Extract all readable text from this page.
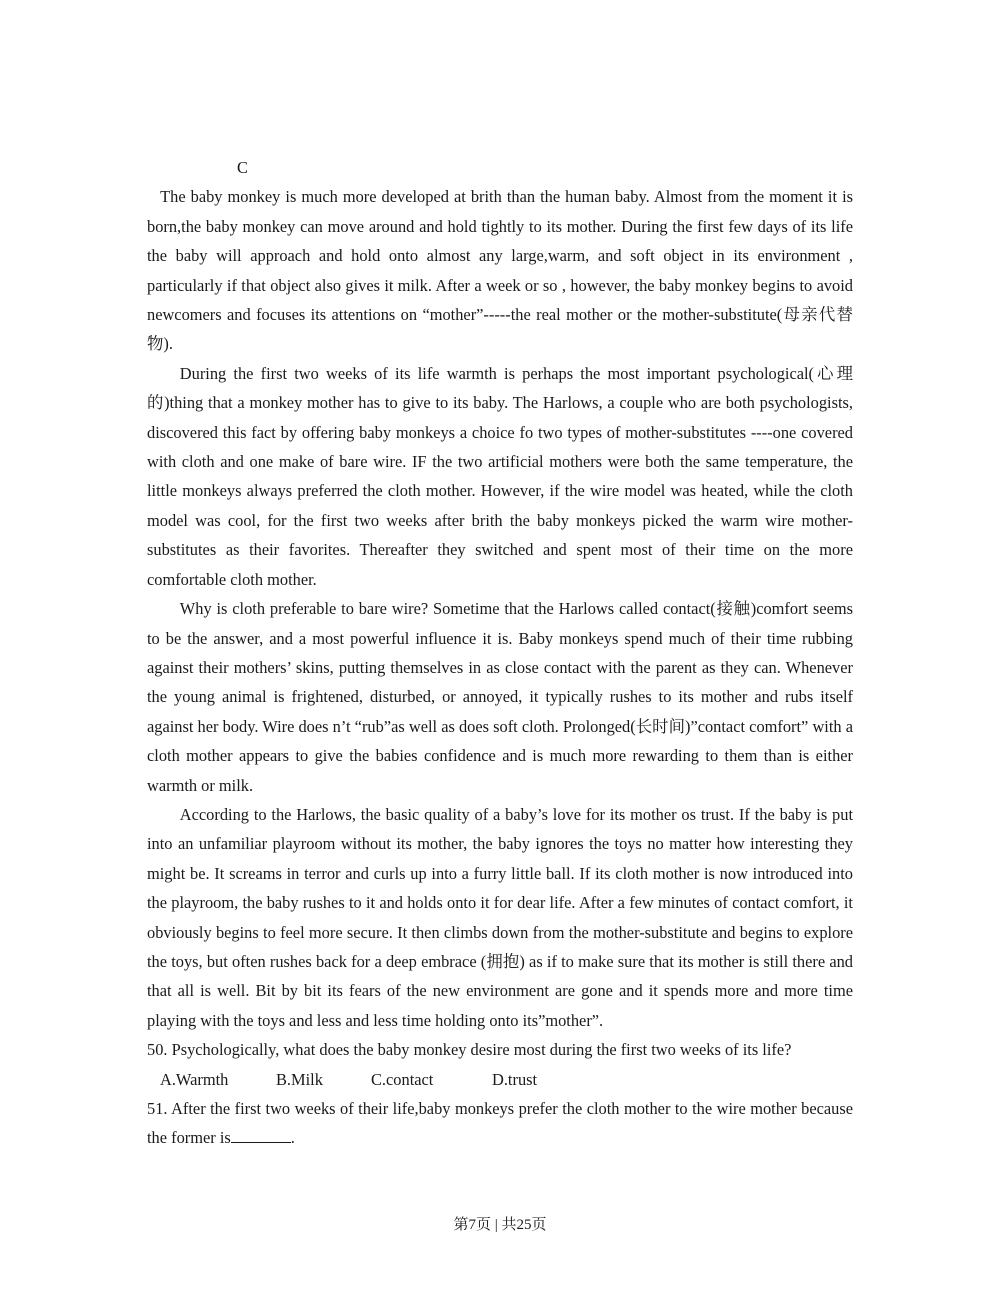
C

The baby monkey is much more developed at brith than the human baby. Almost from the moment it is born,the baby monkey can move around and hold tightly to its mother. During the first few days of its life the baby will approach and hold onto almost any large,warm, and soft object in its environment , particularly if that object also gives it milk. After a week or so , however, the baby monkey begins to avoid newcomers and focuses its attentions on “mother”-----the real mother or the mother-substitute(母亲代替物).

During the first two weeks of its life warmth is perhaps the most important psychological(心理的)thing that a monkey mother has to give to its baby. The Harlows, a couple who are both psychologists, discovered this fact by offering baby monkeys a choice fo two types of mother-substitutes ----one covered with cloth and one make of bare wire. IF the two artificial mothers were both the same temperature, the little monkeys always preferred the cloth mother. However, if the wire model was heated, while the cloth model was cool, for the first two weeks after brith the baby monkeys picked the warm wire mother-substitutes as their favorites. Thereafter they switched and spent most of their time on the more comfortable cloth mother.

Why is cloth preferable to bare wire? Sometime that the Harlows called contact(接触)comfort seems to be the answer, and a most powerful influence it is. Baby monkeys spend much of their time rubbing against their mothers’ skins, putting themselves in as close contact with the parent as they can. Whenever the young animal is frightened, disturbed, or annoyed, it typically rushes to its mother and rubs itself against her body. Wire does n’t “rub”as well as does soft cloth. Prolonged(长时间)”contact comfort” with a cloth mother appears to give the babies confidence and is much more rewarding to them than is either warmth or milk.

According to the Harlows, the basic quality of a baby’s love for its mother os trust. If the baby is put into an unfamiliar playroom without its mother, the baby ignores the toys no matter how interesting they might be. It screams in terror and curls up into a furry little ball. If its cloth mother is now introduced into the playroom, the baby rushes to it and holds onto it for dear life. After a few minutes of contact comfort, it obviously begins to feel more secure. It then climbs down from the mother-substitute and begins to explore the toys, but often rushes back for a deep embrace (拥抱) as if to make sure that its mother is still there and that all is well. Bit by bit its fears of the new environment are gone and it spends more and more time playing with the toys and less and less time holding onto its”mother”.

50. Psychologically, what does the baby monkey desire most during the first two weeks of its life?

A.Warmth	B.Milk	C.contact	D.trust

51. After the first two weeks of their life,baby monkeys prefer the cloth mother to the wire mother because the former is	.

第7页 | 共25页
